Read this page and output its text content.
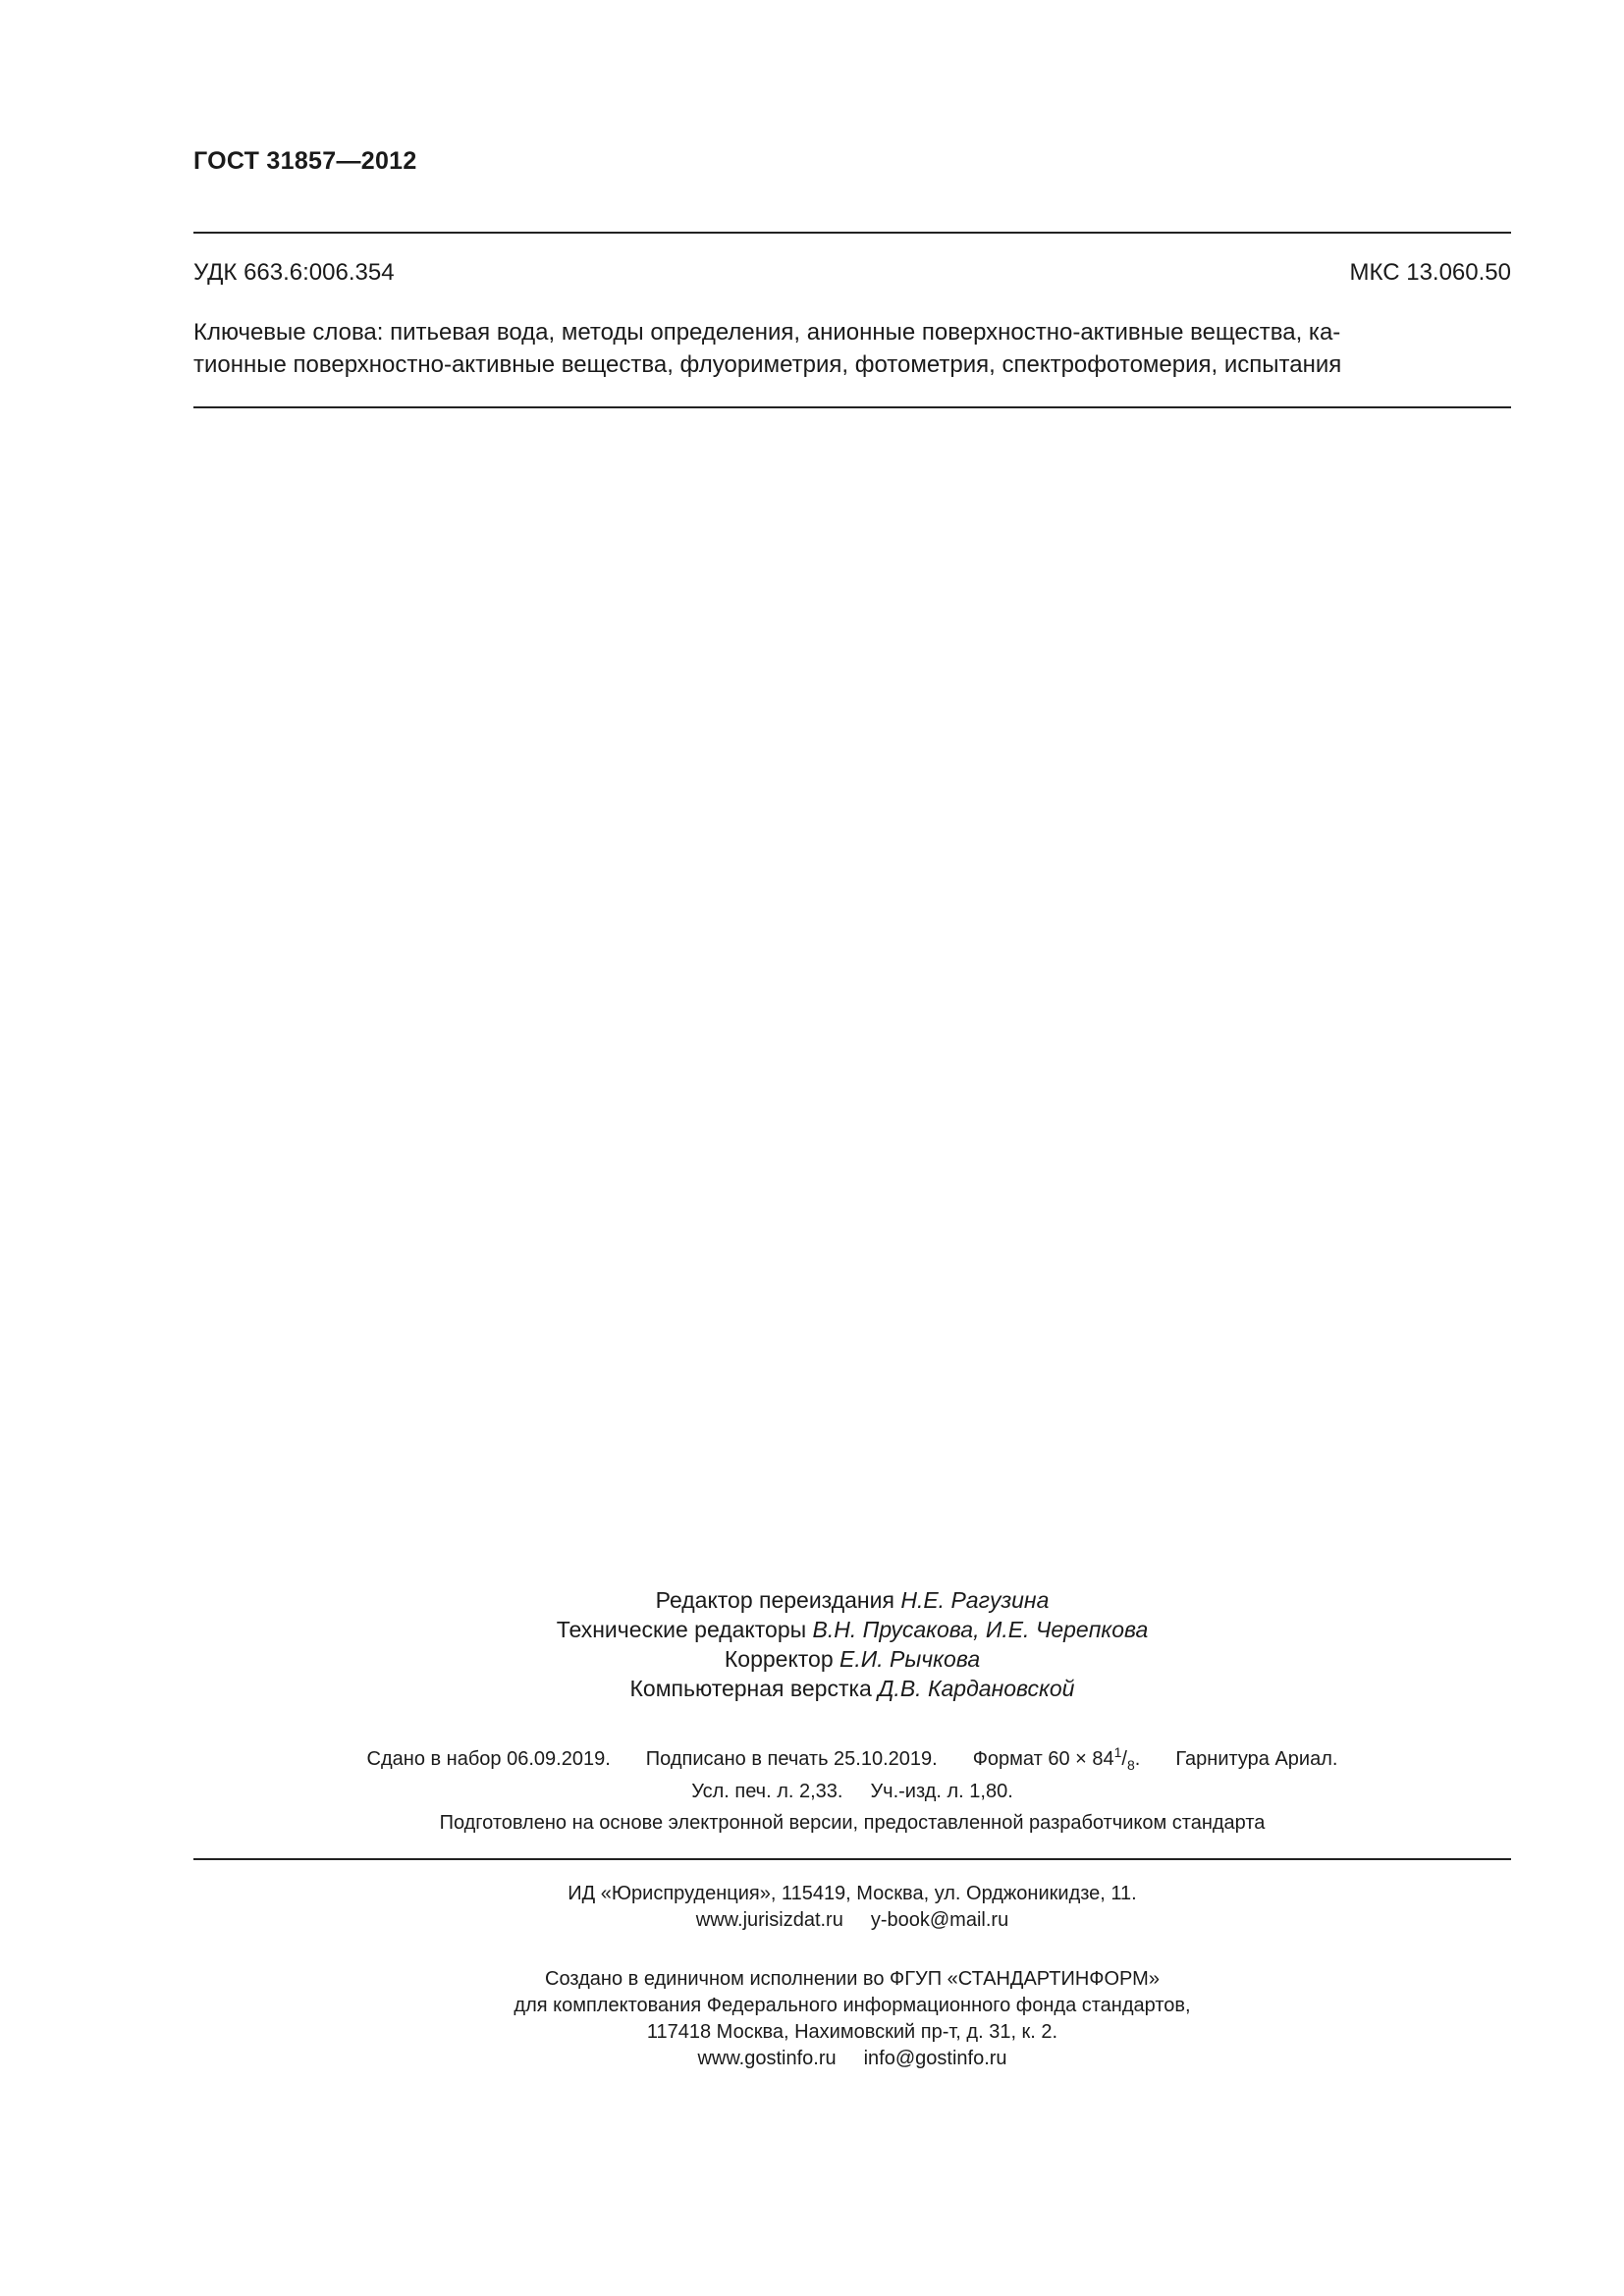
ГОСТ 31857—2012
УДК 663.6:006.354	МКС 13.060.50
Ключевые слова: питьевая вода, методы определения, анионные поверхностно-активные вещества, ка-
тионные поверхностно-активные вещества, флуориметрия, фотометрия, спектрофотомерия, испытания
Редактор переиздания Н.Е. Рагузина
Технические редакторы В.Н. Прусакова, И.Е. Черепкова
Корректор Е.И. Рычкова
Компьютерная верстка Д.В. Кардановской
Сдано в набор 06.09.2019. Подписано в печать 25.10.2019. Формат $60 \times 84^1/_8$. Гарнитура Ариал.
Усл. печ. л. 2,33. Уч.-изд. л. 1,80.
Подготовлено на основе электронной версии, предоставленной разработчиком стандарта
ИД «Юриспруденция», 115419, Москва, ул. Орджоникидзе, 11.
www.jurisizdat.ru y-book@mail.ru
Создано в единичном исполнении во ФГУП «СТАНДАРТИНФОРМ»
для комплектования Федерального информационного фонда стандартов,
117418 Москва, Нахимовский пр-т, д. 31, к. 2.
www.gostinfo.ru info@gostinfo.ru
